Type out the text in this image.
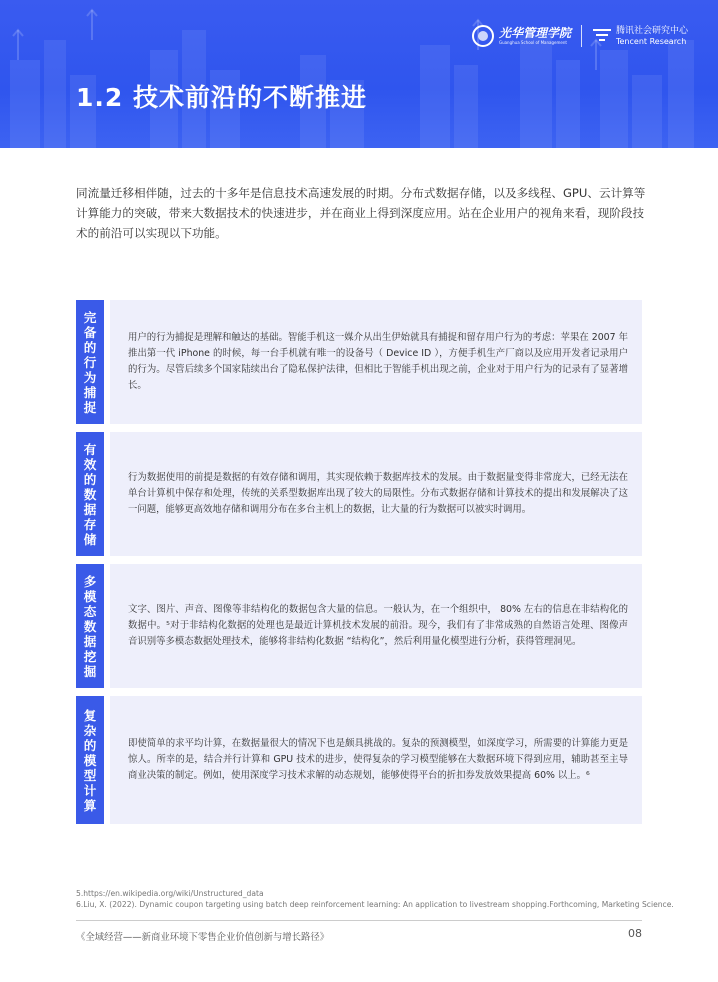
光华管理学院
Guanghua School of Management
腾讯社会研究中心
Tencent Research
1.2 技术前沿的不断推进

同流量迁移相伴随，过去的十多年是信息技术高速发展的时期。分布式数据存储，以及多线程、GPU、云计算等计算能力的突破，带来大数据技术的快速进步，并在商业上得到深度应用。站在企业用户的视角来看，现阶段技术的前沿可以实现以下功能。

完备的行为捕捉
用户的行为捕捉是理解和触达的基础。智能手机这一媒介从出生伊始就具有捕捉和留存用户行为的考虑：苹果在 2007 年推出第一代 iPhone 的时候，每一台手机就有唯一的设备号（ Device ID ），方便手机生产厂商以及应用开发者记录用户的行为。尽管后续多个国家陆续出台了隐私保护法律，但相比于智能手机出现之前，企业对于用户行为的记录有了显著增长。
有效的数据存储
行为数据使用的前提是数据的有效存储和调用，其实现依赖于数据库技术的发展。由于数据量变得非常庞大，已经无法在单台计算机中保存和处理，传统的关系型数据库出现了较大的局限性。分布式数据存储和计算技术的提出和发展解决了这一问题，能够更高效地存储和调用分布在多台主机上的数据，让大量的行为数据可以被实时调用。
多模态数据挖掘
文字、图片、声音、图像等非结构化的数据包含大量的信息。一般认为，在一个组织中， 80% 左右的信息在非结构化的数据中。⁵对于非结构化数据的处理也是最近计算机技术发展的前沿。现今，我们有了非常成熟的自然语言处理、图像声音识别等多模态数据处理技术，能够将非结构化数据 “结构化”，然后利用量化模型进行分析，获得管理洞见。
复杂的模型计算
即使简单的求平均计算，在数据量很大的情况下也是颇具挑战的。复杂的预测模型，如深度学习，所需要的计算能力更是惊人。所幸的是，结合并行计算和 GPU 技术的进步，使得复杂的学习模型能够在大数据环境下得到应用，辅助甚至主导商业决策的制定。例如，使用深度学习技术求解的动态规划，能够使得平台的折扣券发放效果提高 60% 以上。⁶
5.https://en.wikipedia.org/wiki/Unstructured_data
6.Liu, X. (2022). Dynamic coupon targeting using batch deep reinforcement learning: An application to livestream shopping.Forthcoming, Marketing Science.
《全域经营——新商业环境下零售企业价值创新与增长路径》	08
